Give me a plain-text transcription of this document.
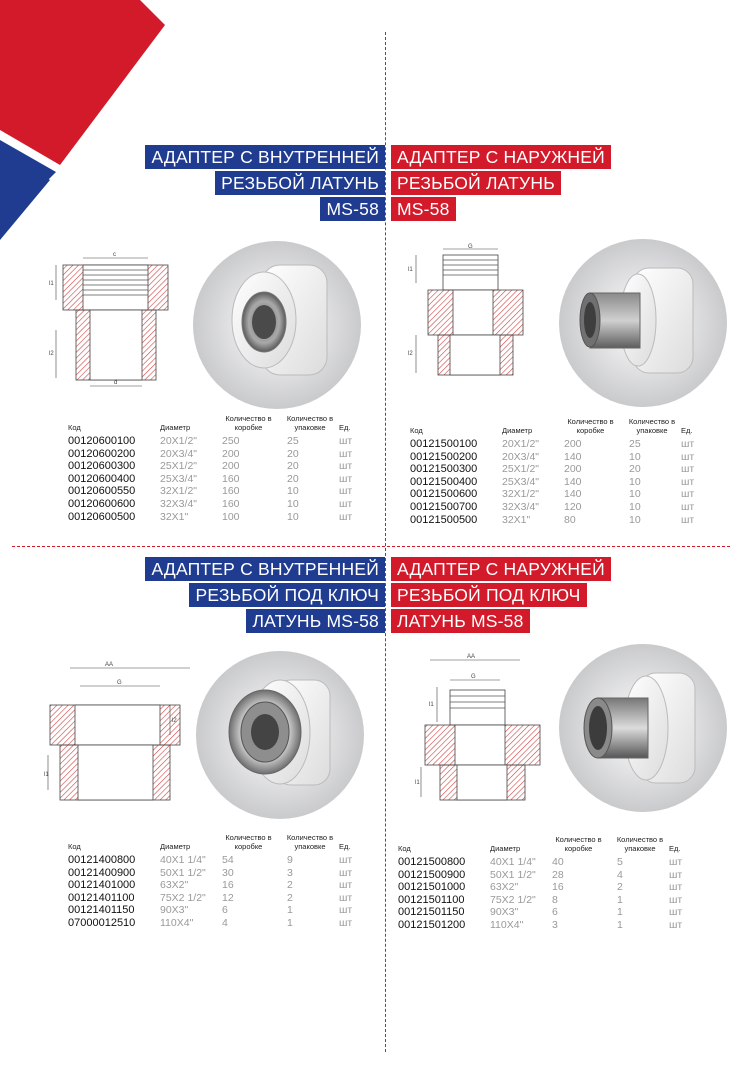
АДАПТЕР С ВНУТРЕННЕЙ
РЕЗЬБОЙ ЛАТУНЬ
MS-58
c
l1
l2
d
Код	Диаметр	Количество в коробке	Количество в упаковке	Ед.
00120600100	20X1/2"	250	25	шт
00120600200	20X3/4"	200	20	шт
00120600300	25X1/2"	200	20	шт
00120600400	25X3/4"	160	20	шт
00120600550	32X1/2"	160	10	шт
00120600600	32X3/4"	160	10	шт
00120600500	32X1"	100	10	шт
АДАПТЕР С НАРУЖНЕЙ
РЕЗЬБОЙ ЛАТУНЬ
MS-58
G
l1
l2
Код	Диаметр	Количество в коробке	Количество в упаковке	Ед.
00121500100	20X1/2"	200	25	шт
00121500200	20X3/4"	140	10	шт
00121500300	25X1/2"	200	20	шт
00121500400	25X3/4"	140	10	шт
00121500600	32X1/2"	140	10	шт
00121500700	32X3/4"	120	10	шт
00121500500	32X1"	80	10	шт
АДАПТЕР С ВНУТРЕННЕЙ
РЕЗЬБОЙ ПОД КЛЮЧ
ЛАТУНЬ MS-58
AA
G
l1
l2
Код	Диаметр	Количество в коробке	Количество в упаковке	Ед.
00121400800	40X1 1/4"	54	9	шт
00121400900	50X1 1/2"	30	3	шт
00121401000	63X2"	16	2	шт
00121401100	75X2 1/2"	12	2	шт
00121401150	90X3"	6	1	шт
07000012510	110X4"	4	1	шт
АДАПТЕР С НАРУЖНЕЙ
РЕЗЬБОЙ ПОД КЛЮЧ
ЛАТУНЬ MS-58
AA
G
l1
l1
Код	Диаметр	Количество в коробке	Количество в упаковке	Ед.
00121500800	40X1 1/4"	40	5	шт
00121500900	50X1 1/2"	28	4	шт
00121501000	63X2"	16	2	шт
00121501100	75X2 1/2"	8	1	шт
00121501150	90X3"	6	1	шт
00121501200	110X4"	3	1	шт
